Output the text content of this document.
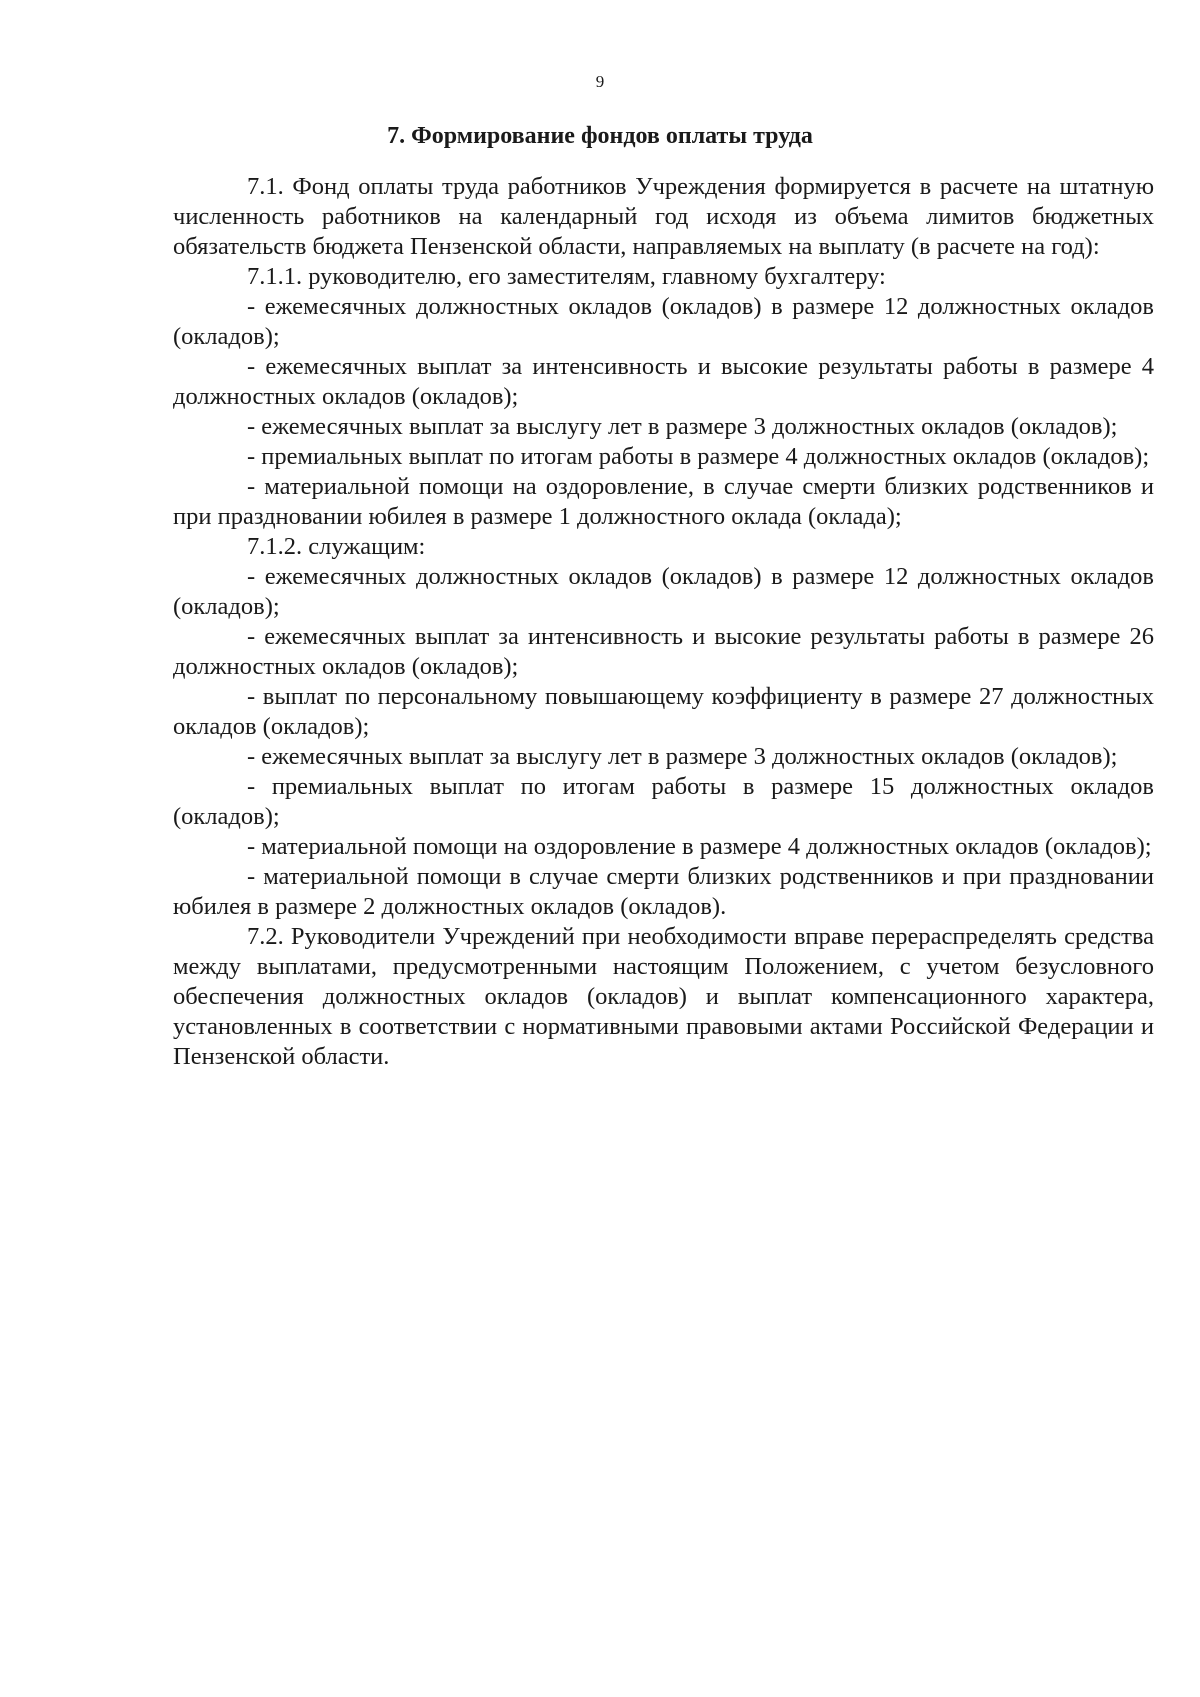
9
7. Формирование фондов оплаты труда

7.1. Фонд оплаты труда работников Учреждения формируется в расчете на штатную численность работников на календарный год исходя из объема лимитов бюджетных обязательств бюджета Пензенской области, направляемых на выплату (в расчете на год):

7.1.1. руководителю, его заместителям, главному бухгалтеру:

- ежемесячных должностных окладов (окладов) в размере 12 должностных окладов (окладов);

- ежемесячных выплат за интенсивность и высокие результаты работы в размере 4 должностных окладов (окладов);

- ежемесячных выплат за выслугу лет в размере 3 должностных окладов (окладов);

- премиальных выплат по итогам работы в размере 4 должностных окладов (окладов);

- материальной помощи на оздоровление, в случае смерти близких родственников и при праздновании юбилея в размере 1 должностного оклада (оклада);

7.1.2. служащим:

- ежемесячных должностных окладов (окладов) в размере 12 должностных окладов (окладов);

- ежемесячных выплат за интенсивность и высокие результаты работы в размере 26 должностных окладов (окладов);

- выплат по персональному повышающему коэффициенту в размере 27 должностных окладов (окладов);

- ежемесячных выплат за выслугу лет в размере 3 должностных окладов (окладов);

- премиальных выплат по итогам работы в размере 15 должностных окладов (окладов);

- материальной помощи на оздоровление в размере 4 должностных окладов (окладов);

- материальной помощи в случае смерти близких родственников и при праздновании юбилея в размере 2 должностных окладов (окладов).

7.2. Руководители Учреждений при необходимости вправе перераспределять средства между выплатами, предусмотренными настоящим Положением, с учетом безусловного обеспечения должностных окладов (окладов) и выплат компенсационного характера, установленных в соответствии с нормативными правовыми актами Российской Федерации и Пензенской области.
